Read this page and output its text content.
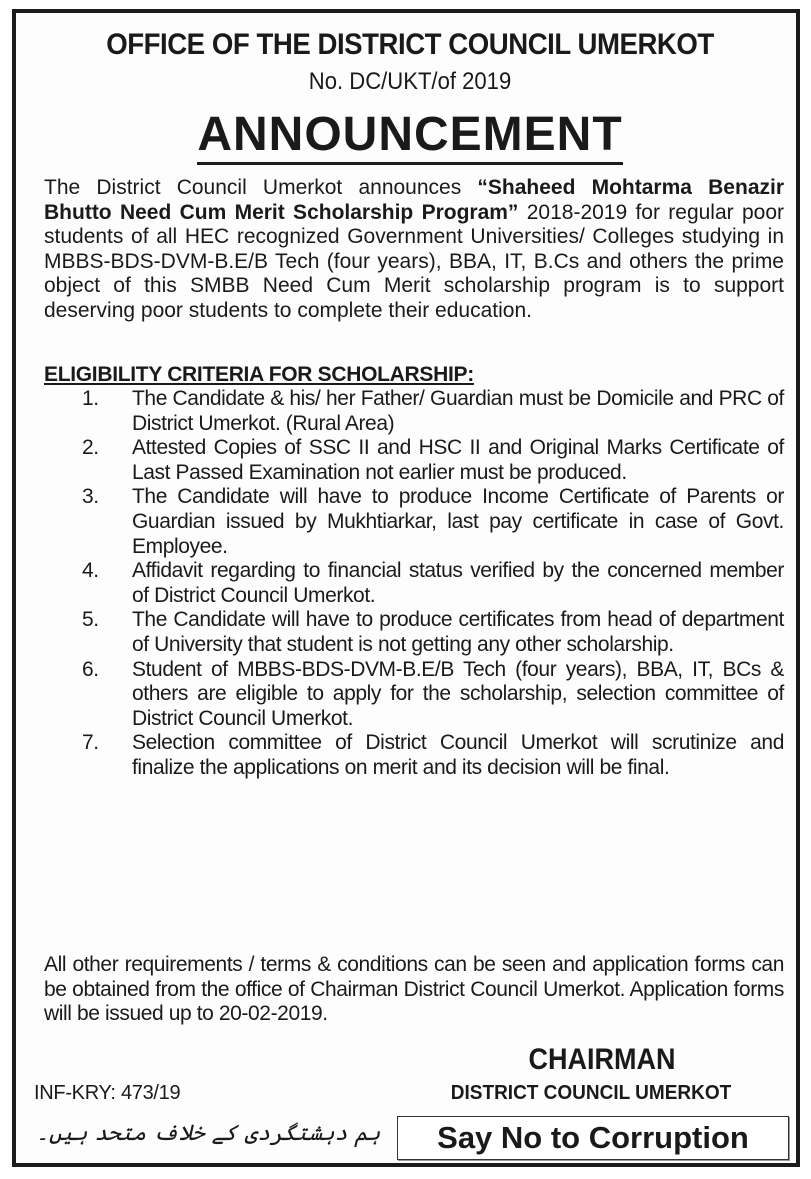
OFFICE OF THE DISTRICT COUNCIL UMERKOT
No. DC/UKT/of 2019
ANNOUNCEMENT
The District Council Umerkot announces “Shaheed Mohtarma Benazir Bhutto Need Cum Merit Scholarship Program” 2018-2019 for regular poor students of all HEC recognized Government Universities/ Colleges studying in MBBS-BDS-DVM-B.E/B Tech (four years), BBA, IT, B.Cs and others the prime object of this SMBB Need Cum Merit scholarship program is to support deserving poor students to complete their education.
ELIGIBILITY CRITERIA FOR SCHOLARSHIP:
1. The Candidate & his/ her Father/ Guardian must be Domicile and PRC of District Umerkot. (Rural Area)
2. Attested Copies of SSC II and HSC II and Original Marks Certificate of Last Passed Examination not earlier must be produced.
3. The Candidate will have to produce Income Certificate of Parents or Guardian issued by Mukhtiarkar, last pay certificate in case of Govt. Employee.
4. Affidavit regarding to financial status verified by the concerned member of District Council Umerkot.
5. The Candidate will have to produce certificates from head of department of University that student is not getting any other scholarship.
6. Student of MBBS-BDS-DVM-B.E/B Tech (four years), BBA, IT, BCs & others are eligible to apply for the scholarship, selection committee of District Council Umerkot.
7. Selection committee of District Council Umerkot will scrutinize and finalize the applications on merit and its decision will be final.
All other requirements / terms & conditions can be seen and application forms can be obtained from the office of Chairman District Council Umerkot. Application forms will be issued up to 20-02-2019.
CHAIRMAN
DISTRICT COUNCIL UMERKOT
INF-KRY: 473/19
Say No to Corruption
ہم دہشتگردی کے خلاف متحد ہیں۔
